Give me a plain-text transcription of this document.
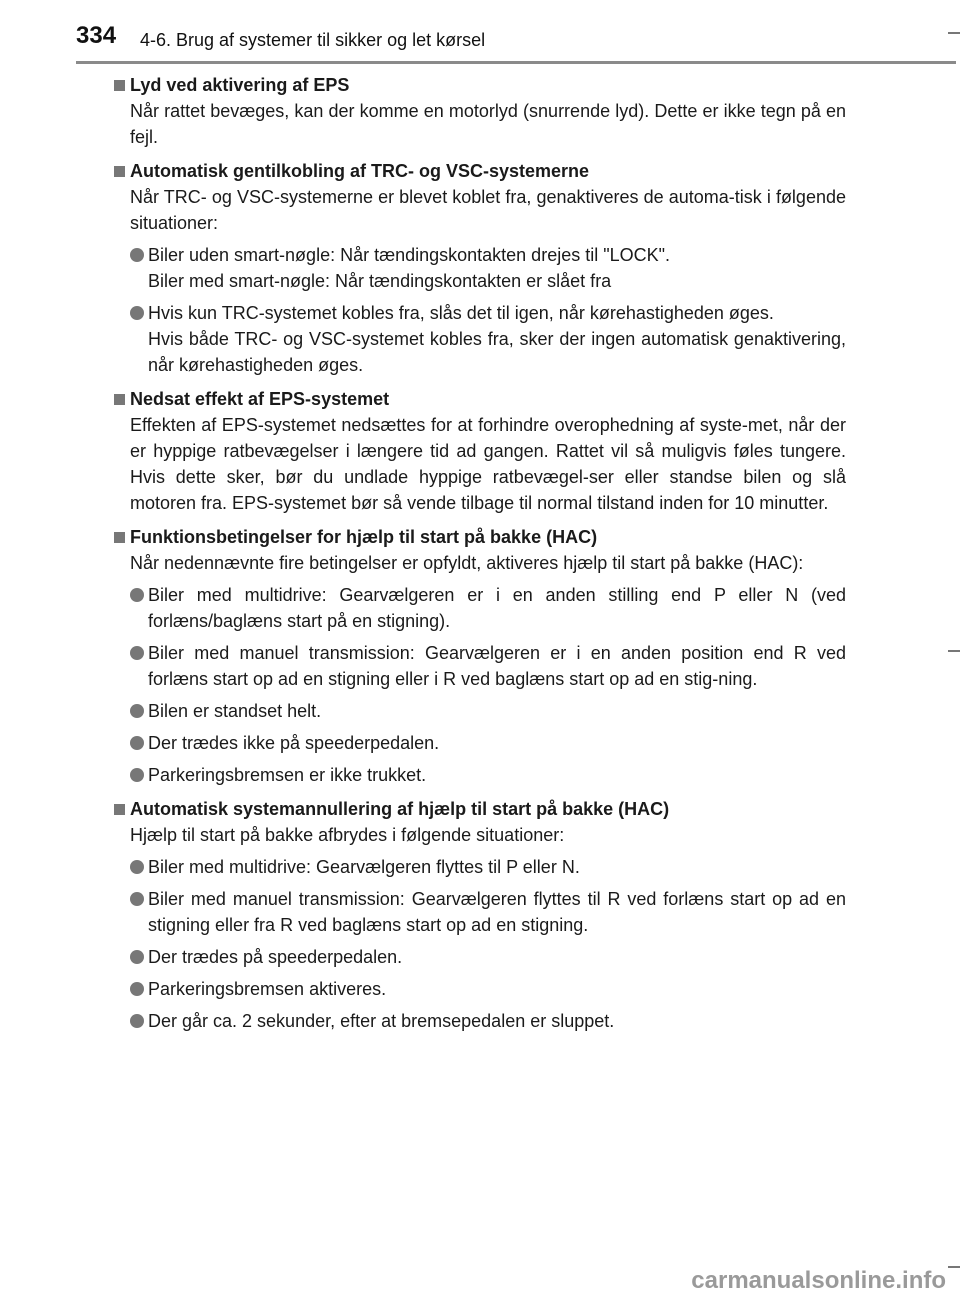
334 4-6. Brug af systemer til sikker og let kørsel
Lyd ved aktivering af EPS
Når rattet bevæges, kan der komme en motorlyd (snurrende lyd). Dette er ikke tegn på en fejl.
Automatisk gentilkobling af TRC- og VSC-systemerne
Når TRC- og VSC-systemerne er blevet koblet fra, genaktiveres de automa-tisk i følgende situationer:
Biler uden smart-nøgle: Når tændingskontakten drejes til "LOCK".
Biler med smart-nøgle: Når tændingskontakten er slået fra
Hvis kun TRC-systemet kobles fra, slås det til igen, når kørehastigheden øges.
Hvis både TRC- og VSC-systemet kobles fra, sker der ingen automatisk genaktivering, når kørehastigheden øges.
Nedsat effekt af EPS-systemet
Effekten af EPS-systemet nedsættes for at forhindre overophedning af syste-met, når der er hyppige ratbevægelser i længere tid ad gangen. Rattet vil så muligvis føles tungere. Hvis dette sker, bør du undlade hyppige ratbevægel-ser eller standse bilen og slå motoren fra. EPS-systemet bør så vende tilbage til normal tilstand inden for 10 minutter.
Funktionsbetingelser for hjælp til start på bakke (HAC)
Når nedennævnte fire betingelser er opfyldt, aktiveres hjælp til start på bakke (HAC):
Biler med multidrive: Gearvælgeren er i en anden stilling end P eller N (ved forlæns/baglæns start på en stigning).
Biler med manuel transmission: Gearvælgeren er i en anden position end R ved forlæns start op ad en stigning eller i R ved baglæns start op ad en stig-ning.
Bilen er standset helt.
Der trædes ikke på speederpedalen.
Parkeringsbremsen er ikke trukket.
Automatisk systemannullering af hjælp til start på bakke (HAC)
Hjælp til start på bakke afbrydes i følgende situationer:
Biler med multidrive: Gearvælgeren flyttes til P eller N.
Biler med manuel transmission: Gearvælgeren flyttes til R ved forlæns start op ad en stigning eller fra R ved baglæns start op ad en stigning.
Der trædes på speederpedalen.
Parkeringsbremsen aktiveres.
Der går ca. 2 sekunder, efter at bremsepedalen er sluppet.
carmanualsonline.info
